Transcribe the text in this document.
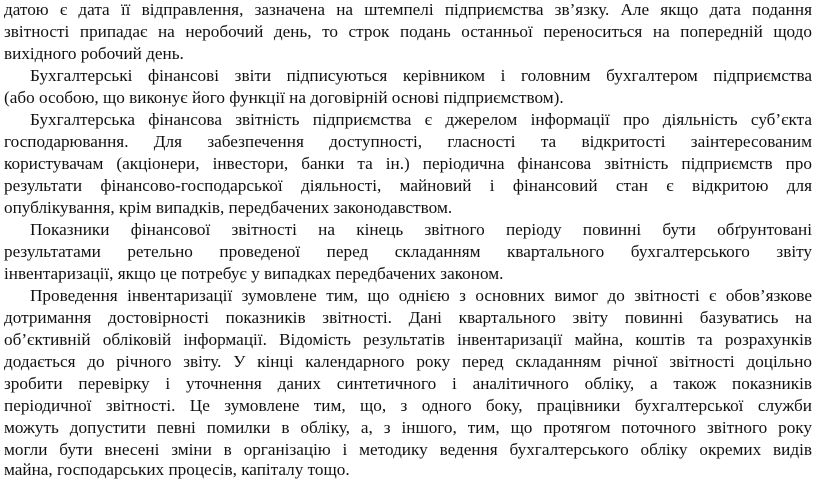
датою є дата її відправлення, зазначена на штемпелі підприємства зв’язку. Але якщо дата подання
звітності припадає на неробочий день, то строк подань останньої переноситься на попередній щодо
вихідного робочий день.
Бухгалтерські фінансові звіти підписуються керівником і головним бухгалтером підприємства
(або особою, що виконує його функції на договірній основі підприємством).
Бухгалтерська фінансова звітність підприємства є джерелом інформації про діяльність суб’єкта
господарювання. Для забезпечення доступності, гласності та відкритості заінтересованим
користувачам (акціонери, інвестори, банки та ін.) періодична фінансова звітність підприємств про
результати фінансово-господарської діяльності, майновий і фінансовий стан є відкритою для
опублікування, крім випадків, передбачених законодавством.
Показники фінансової звітності на кінець звітного періоду повинні бути обґрунтовані
результатами ретельно проведеної перед складанням квартального бухгалтерського звіту
інвентаризації, якщо це потребує у випадках передбачених законом.
Проведення інвентаризації зумовлене тим, що однією з основних вимог до звітності є обов’язкове
дотримання достовірності показників звітності. Дані квартального звіту повинні базуватись на
об’єктивній обліковій інформації. Відомість результатів інвентаризації майна, коштів та розрахунків
додається до річного звіту. У кінці календарного року перед складанням річної звітності доцільно
зробити перевірку і уточнення даних синтетичного і аналітичного обліку, а також показників
періодичної звітності. Це зумовлене тим, що, з одного боку, працівники бухгалтерської служби
можуть допустити певні помилки в обліку, а, з іншого, тим, що протягом поточного звітного року
могли бути внесені зміни в організацію і методику ведення бухгалтерського обліку окремих видів
майна, господарських процесів, капіталу тощо.
